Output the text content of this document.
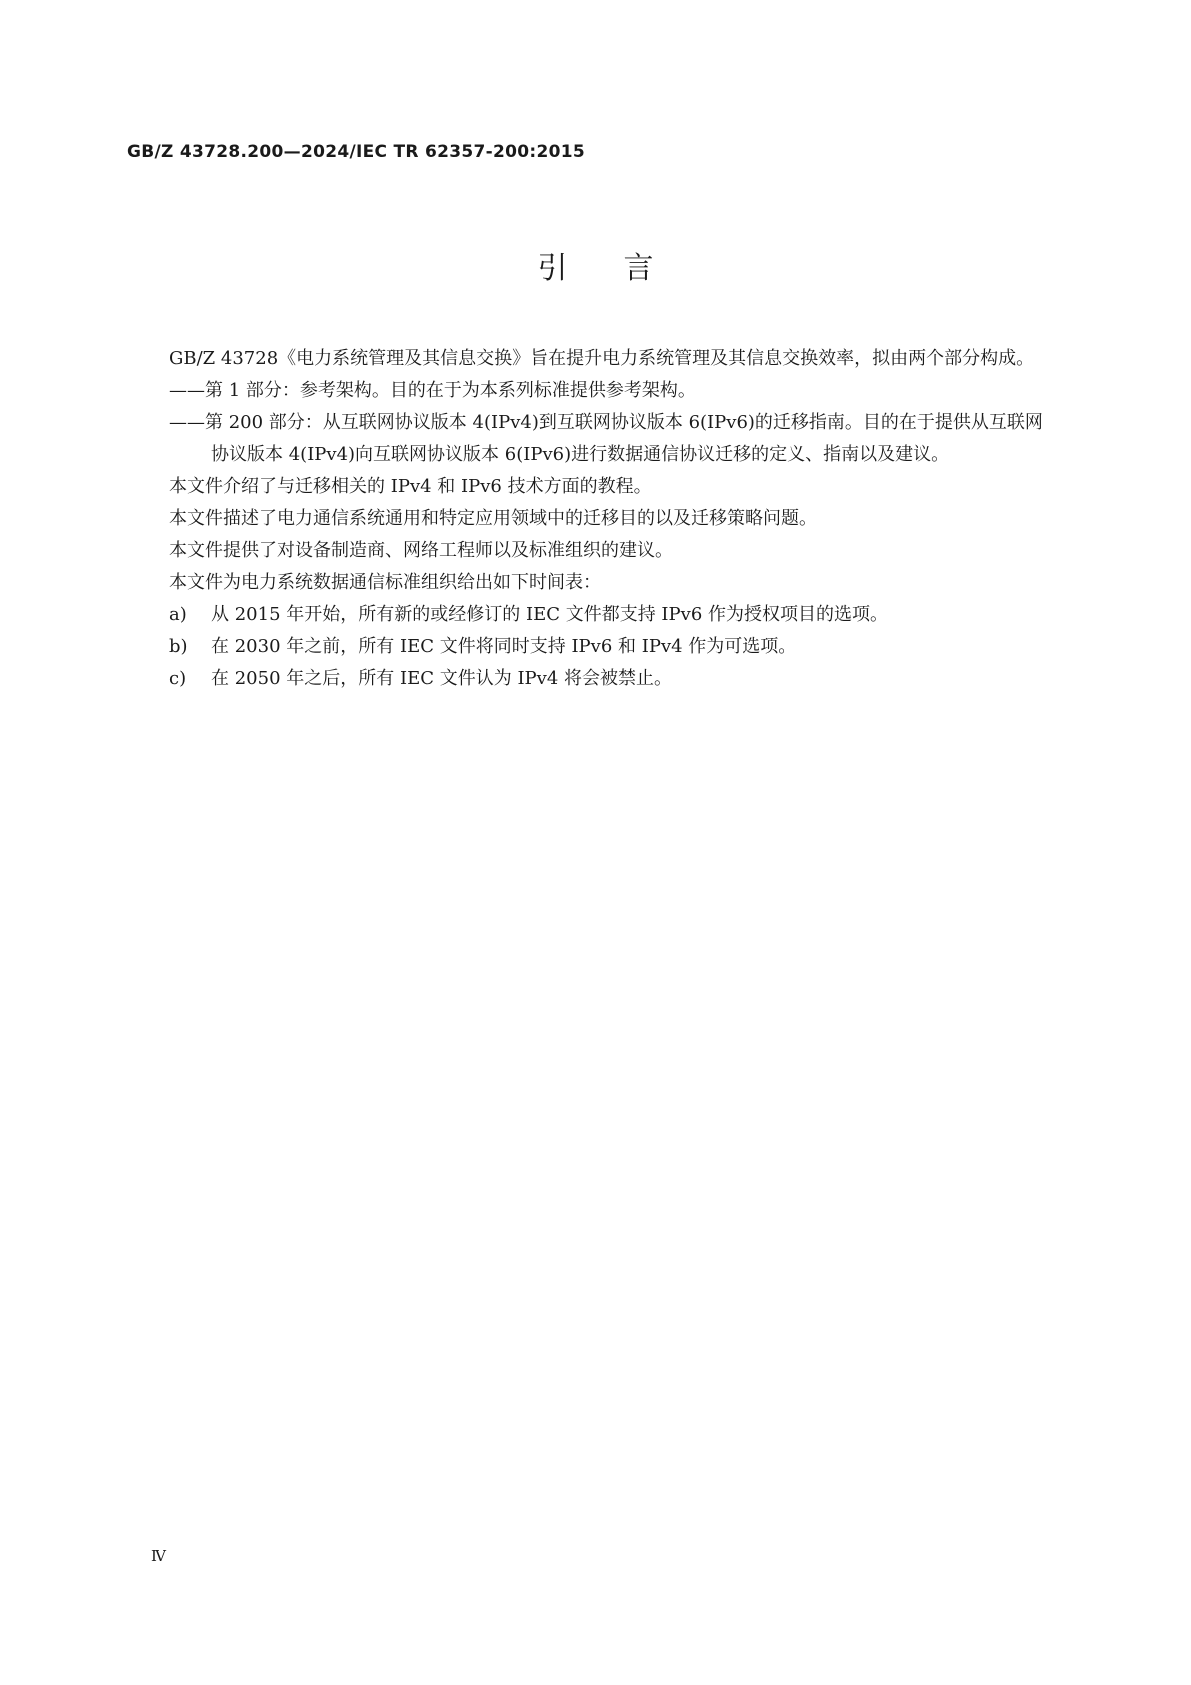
GB/Z 43728.200—2024/IEC TR 62357-200:2015
引言

GB/Z 43728《电力系统管理及其信息交换》旨在提升电力系统管理及其信息交换效率，拟由两个部分构成。

——第 1 部分：参考架构。目的在于为本系列标准提供参考架构。

——第 200 部分：从互联网协议版本 4(IPv4)到互联网协议版本 6(IPv6)的迁移指南。目的在于提供从互联网协议版本 4(IPv4)向互联网协议版本 6(IPv6)进行数据通信协议迁移的定义、指南以及建议。

本文件介绍了与迁移相关的 IPv4 和 IPv6 技术方面的教程。

本文件描述了电力通信系统通用和特定应用领域中的迁移目的以及迁移策略问题。

本文件提供了对设备制造商、网络工程师以及标准组织的建议。

本文件为电力系统数据通信标准组织给出如下时间表：

a) 从 2015 年开始，所有新的或经修订的 IEC 文件都支持 IPv6 作为授权项目的选项。

b) 在 2030 年之前，所有 IEC 文件将同时支持 IPv6 和 IPv4 作为可选项。

c) 在 2050 年之后，所有 IEC 文件认为 IPv4 将会被禁止。

Ⅳ
